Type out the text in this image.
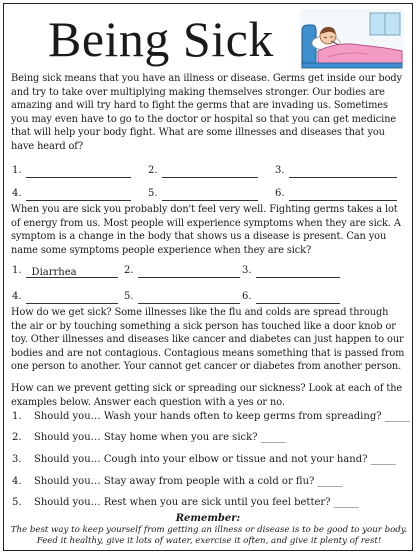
Being Sick

Being sick means that you have an illness or disease. Germs get inside our body and try to take over multiplying making themselves stronger. Our bodies are amazing and will try hard to fight the germs that are invading us. Sometimes you may even have to go to the doctor or hospital so that you can get medicine that will help your body fight. What are some illnesses and diseases that you have heard of?

1.	2.	3.
4.	5.	6.

When you are sick you probably don't feel very well. Fighting germs takes a lot of energy from us. Most people will experience symptoms when they are sick. A symptom is a change in the body that shows us a disease is present. Can you name some symptoms people experience when they are sick?

1. Diarrhea	2.	3.
4.	5.	6.

How do we get sick? Some illnesses like the flu and colds are spread through the air or by touching something a sick person has touched like a door knob or toy. Other illnesses and diseases like cancer and diabetes can just happen to our bodies and are not contagious. Contagious means something that is passed from one person to another. Your cannot get cancer or diabetes from another person.

How can we prevent getting sick or spreading our sickness? Look at each of the examples below. Answer each question with a yes or no.

1. Should you… Wash your hands often to keep germs from spreading? _____
2. Should you… Stay home when you are sick? _____
3. Should you… Cough into your elbow or tissue and not your hand? _____
4. Should you… Stay away from people with a cold or flu? _____
5. Should you… Rest when you are sick until you feel better? _____

Remember:

The best way to keep yourself from getting an illness or disease is to be good to your body. Feed it healthy, give it lots of water, exercise it often, and give it plenty of rest!
